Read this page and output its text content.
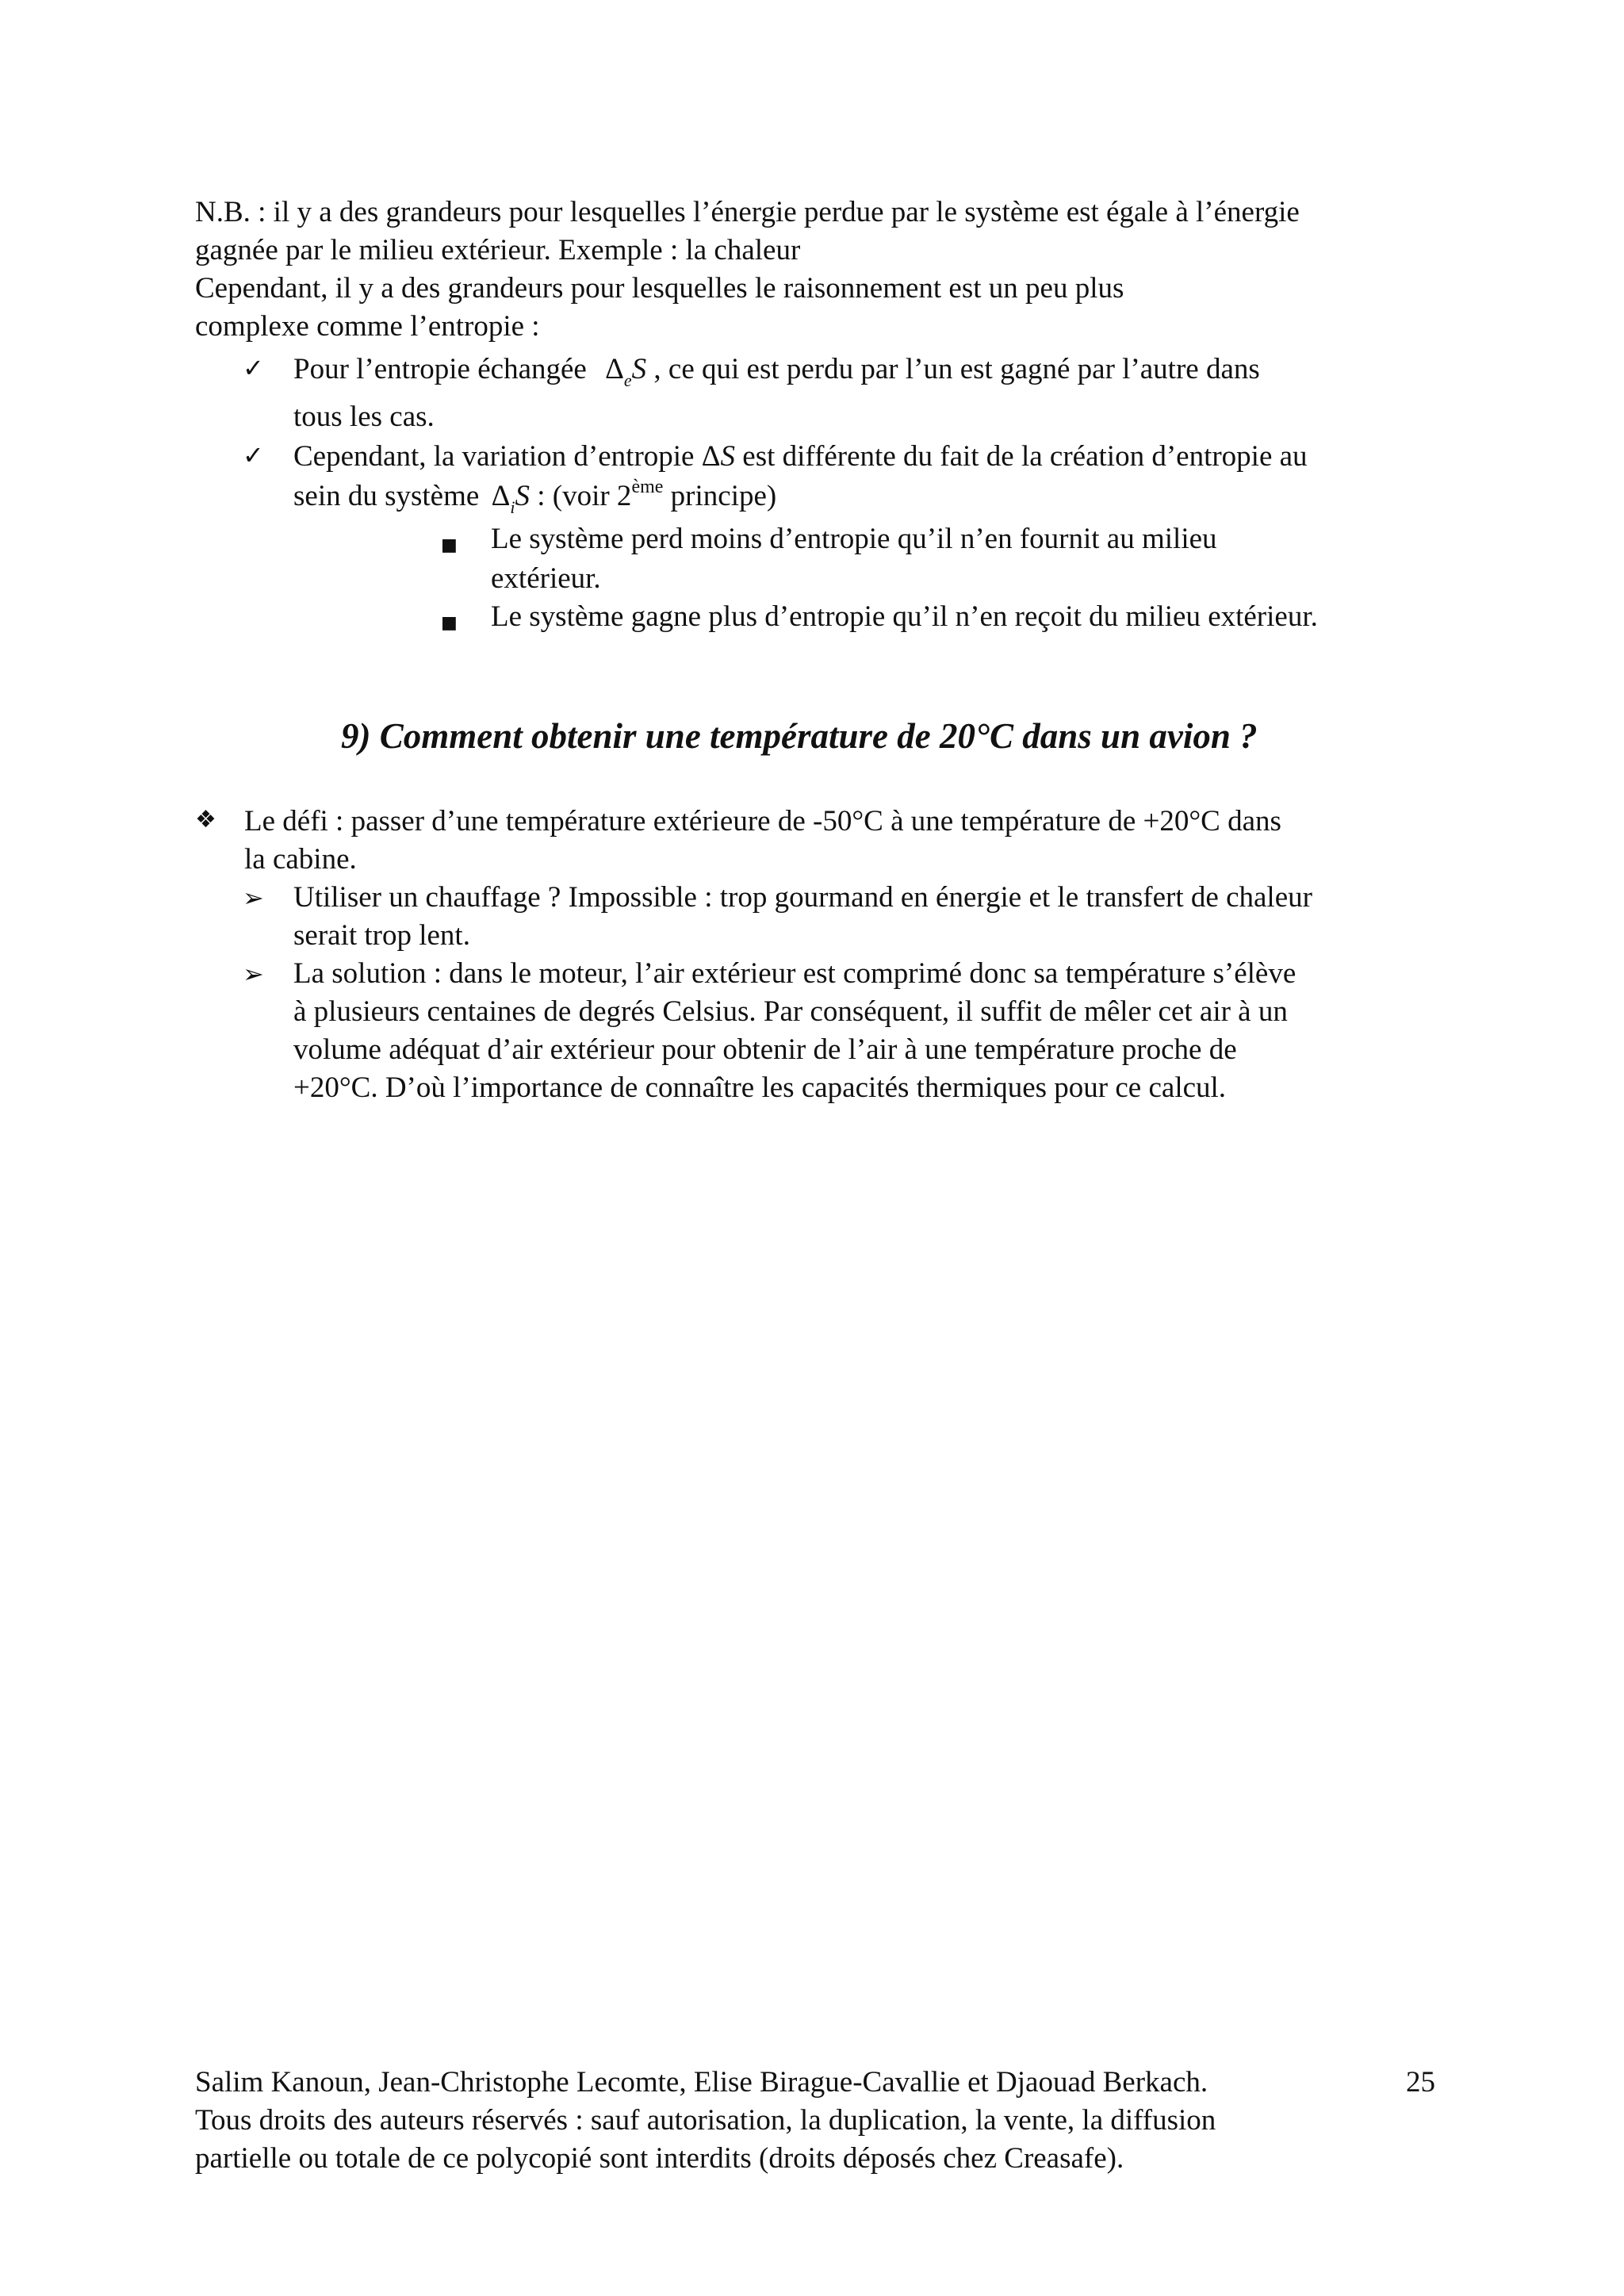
N.B. : il y a des grandeurs pour lesquelles l’énergie perdue par le système est égale à l’énergie
gagnée par le milieu extérieur. Exemple : la chaleur
Cependant, il y a des grandeurs pour lesquelles le raisonnement est un peu plus
complexe comme l’entropie :
✓ Pour l’entropie échangée $\Delta_eS$ , ce qui est perdu par l’un est gagné par l’autre dans
tous les cas.
✓ Cependant, la variation d’entropie ΔS est différente du fait de la création d’entropie au
sein du système $\Delta_iS$ : (voir 2ème principe)
■ Le système perd moins d’entropie qu’il n’en fournit au milieu
extérieur.
■ Le système gagne plus d’entropie qu’il n’en reçoit du milieu extérieur.
9) Comment obtenir une température de 20°C dans un avion ?
❖ Le défi : passer d’une température extérieure de -50°C à une température de +20°C dans
la cabine.
➢ Utiliser un chauffage ? Impossible : trop gourmand en énergie et le transfert de chaleur
serait trop lent.
➢ La solution : dans le moteur, l’air extérieur est comprimé donc sa température s’élève
à plusieurs centaines de degrés Celsius. Par conséquent, il suffit de mêler cet air à un
volume adéquat d’air extérieur pour obtenir de l’air à une température proche de
+20°C. D’où l’importance de connaître les capacités thermiques pour ce calcul.
Salim Kanoun, Jean-Christophe Lecomte, Elise Birague-Cavallie et Djaouad Berkach.	25
Tous droits des auteurs réservés : sauf autorisation, la duplication, la vente, la diffusion
partielle ou totale de ce polycopié sont interdits (droits déposés chez Creasafe).
